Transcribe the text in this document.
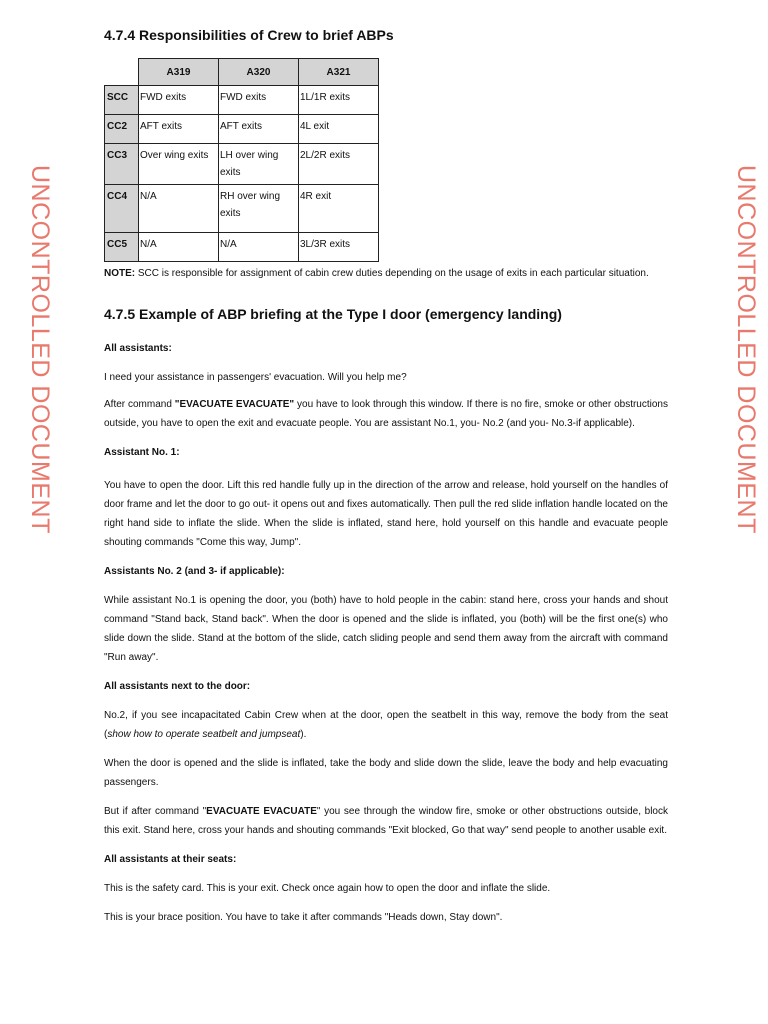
UNCONTROLLED DOCUMENT	UNCONTROLLED DOCUMENT
4.7.4 Responsibilities of Crew to brief ABPs
	A319	A320	A321
SCC	FWD exits	FWD exits	1L/1R exits
CC2	AFT exits	AFT exits	4L exit
CC3	Over wing exits	LH over wing exits	2L/2R exits
CC4	N/A	RH over wing exits	4R exit
CC5	N/A	N/A	3L/3R exits
NOTE: SCC is responsible for assignment of cabin crew duties depending on the usage of exits in each particular situation.
4.7.5 Example of ABP briefing at the Type I door (emergency landing)

All assistants:

I need your assistance in passengers' evacuation. Will you help me?

After command "EVACUATE EVACUATE" you have to look through this window. If there is no fire, smoke or other obstructions outside, you have to open the exit and evacuate people. You are assistant No.1, you- No.2 (and you- No.3-if applicable).

Assistant No. 1:

You have to open the door. Lift this red handle fully up in the direction of the arrow and release, hold yourself on the handles of door frame and let the door to go out- it opens out and fixes automatically. Then pull the red slide inflation handle located on the right hand side to inflate the slide. When the slide is inflated, stand here, hold yourself on this handle and evacuate people shouting commands "Come this way, Jump".

Assistants No. 2 (and 3- if applicable):

While assistant No.1 is opening the door, you (both) have to hold people in the cabin: stand here, cross your hands and shout command "Stand back, Stand back". When the door is opened and the slide is inflated, you (both) will be the first one(s) who slide down the slide. Stand at the bottom of the slide, catch sliding people and send them away from the aircraft with command "Run away".

All assistants next to the door:

No.2, if you see incapacitated Cabin Crew when at the door, open the seatbelt in this way, remove the body from the seat (show how to operate seatbelt and jumpseat).

When the door is opened and the slide is inflated, take the body and slide down the slide, leave the body and help evacuating passengers.

But if after command "EVACUATE EVACUATE" you see through the window fire, smoke or other obstructions outside, block this exit. Stand here, cross your hands and shouting commands "Exit blocked, Go that way" send people to another usable exit.

All assistants at their seats:

This is the safety card. This is your exit. Check once again how to open the door and inflate the slide.

This is your brace position. You have to take it after commands "Heads down, Stay down".
